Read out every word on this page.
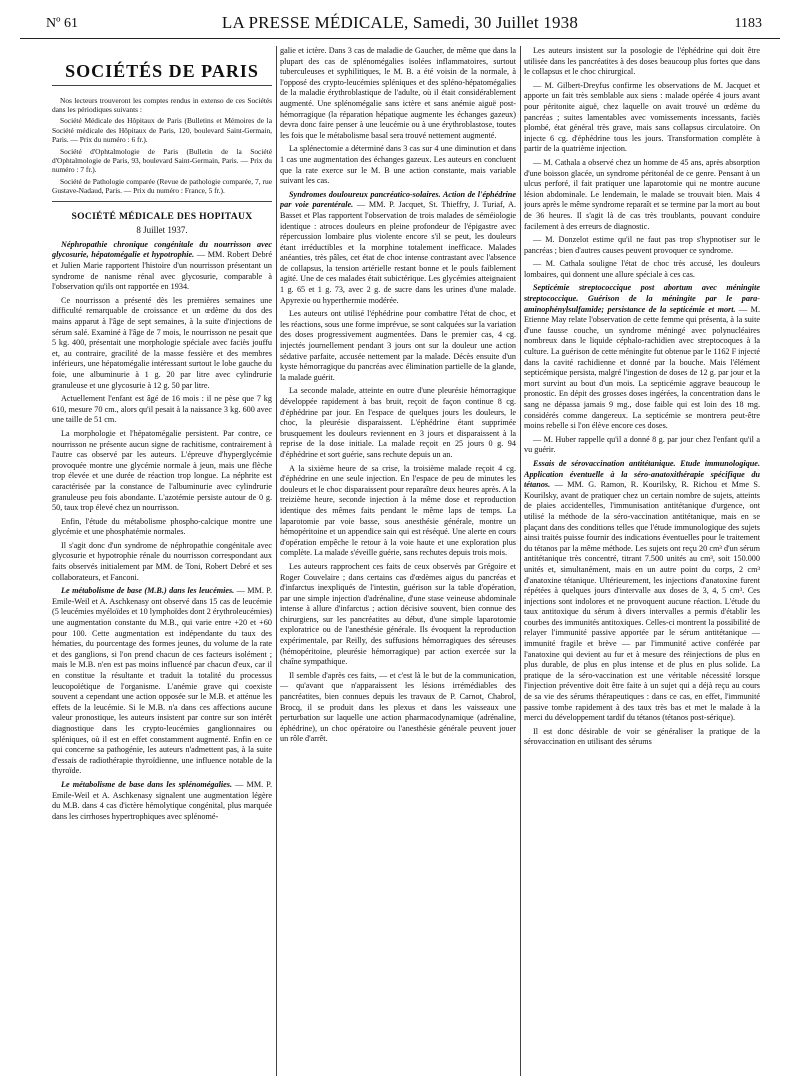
Nº 61	LA PRESSE MÉDICALE, Samedi, 30 Juillet 1938	1183
SOCIÉTÉS DE PARIS

Nos lecteurs trouveront les comptes rendus in extenso de ces Sociétés dans les périodiques suivants :

Société Médicale des Hôpitaux de Paris (Bulletins et Mémoires de la Société médicale des Hôpitaux de Paris, 120, boulevard Saint-Germain, Paris. — Prix du numéro : 6 fr.).

Société d'Ophtalmologie de Paris (Bulletin de la Société d'Ophtalmologie de Paris, 93, boulevard Saint-Germain, Paris. — Prix du numéro : 7 fr.).

Société de Pathologie comparée (Revue de pathologie comparée, 7, rue Gustave-Nadaud, Paris. — Prix du numéro : France, 5 fr.).

SOCIÉTÉ MÉDICALE DES HOPITAUX
8 Juillet 1937.

Néphropathie chronique congénitale du nourrisson avec glycosurie, hépatomégalie et hypotrophie. — MM. Robert Debré et Julien Marie rapportent l'histoire d'un nourrisson présentant un syndrome de nanisme rénal avec glycosurie, comparable à l'observation qu'ils ont rapportée en 1934.

Ce nourrisson a présenté dès les premières semaines une difficulté remarquable de croissance et un œdème du dos des mains apparut à l'âge de sept semaines, à la suite d'injections de sérum salé. Examiné à l'âge de 7 mois, le nourrisson ne pesait que 5 kg. 400, présentait une morphologie spéciale avec faciès jouffu et, au contraire, gracilité de la masse fessière et des membres inférieurs, une hépatomégalie intéressant surtout le lobe gauche du foie, une albuminurie à 1 g. 20 par litre avec cylindrurie granuleuse et une glycosurie à 12 g. 50 par litre.

Actuellement l'enfant est âgé de 16 mois : il ne pèse que 7 kg 610, mesure 70 cm., alors qu'il pesait à la naissance 3 kg. 600 avec une taille de 51 cm.

La morphologie et l'hépatomégalie persistent. Par contre, ce nourrisson ne présente aucun signe de rachitisme, contrairement à l'autre cas observé par les auteurs. L'épreuve d'hyperglycémie provoquée montre une glycémie normale à jeun, mais une flèche trop élevée et une durée de réaction trop longue. La néphrite est caractérisée par la constance de l'albuminurie avec cylindrurie granuleuse peu fois abondante. L'azotémie persiste autour de 0 g. 50, taux trop élevé chez un nourrisson.

Enfin, l'étude du métabolisme phospho-calcique montre une glycémie et une phosphatémie normales.

Il s'agit donc d'un syndrome de néphropathie congénitale avec glycosurie et hypotrophie rénale du nourrisson correspondant aux faits observés initialement par MM. de Toni, Robert Debré et ses collaborateurs, et Fanconi.

Le métabolisme de base (M.B.) dans les leucémies. — MM. P. Emile-Weil et A. Aschkenasy ont observé dans 15 cas de leucémie (5 leucémies myéloïdes et 10 lymphoïdes dont 2 érythroleucémies) une augmentation constante du M.B., qui varie entre +20 et +60 pour 100. Cette augmentation est indépendante du taux des hématies, du pourcentage des formes jeunes, du volume de la rate et des ganglions, si l'on prend chacun de ces facteurs isolément ; mais le M.B. n'en est pas moins influencé par chacun d'eux, car il en constitue la résultante et traduit la totalité du processus leucopoïétique de l'organisme. L'anémie grave qui coexiste souvent a cependant une action opposée sur le M.B. et atténue les effets de la leucémie. Si le M.B. n'a dans ces affections aucune valeur pronostique, les auteurs insistent par contre sur son intérêt diagnostique dans les crypto-leucémies ganglionnaires ou spléniques, où il est en effet constamment augmenté. Enfin en ce qui concerne sa pathogénie, les auteurs n'admettent pas, à la suite d'essais de radiothérapie thyroïdienne, une influence notable de la thyroïde.

Le métabolisme de base dans les splénomégalies. — MM. P. Emile-Weil et A. Aschkenasy signalent une augmentation légère du M.B. dans 4 cas d'ictère hémolytique congénital, plus marquée dans les cirrhoses hypertrophiques avec splénomé-

galie et ictère. Dans 3 cas de maladie de Gaucher, de même que dans la plupart des cas de splénomégalies isolées inflammatoires, surtout tuberculeuses et syphilitiques, le M. B. a été voisin de la normale, à l'opposé des crypto-leucémies spléniques et des spléno-hépatomégalies de la maladie érythroblastique de l'adulte, où il était considérablement augmenté. Une splénomégalie sans ictère et sans anémie aiguë post-hémorragique (la réparation hépatique augmente les échanges gazeux) devra donc faire penser à une leucémie ou à une érythroblastose, toutes les fois que le métabolisme basal sera trouvé nettement augmenté.

La splénectomie a déterminé dans 3 cas sur 4 une diminution et dans 1 cas une augmentation des échanges gazeux. Les auteurs en concluent que la rate exerce sur le M. B une action constante, mais variable suivant les cas.

Syndromes douloureux pancréatico-solaires. Action de l'éphédrine par voie parentérale. — MM. P. Jacquet, St. Thieffry, J. Turiaf, A. Basset et Plas rapportent l'observation de trois malades de séméiologie identique : atroces douleurs en pleine profondeur de l'épigastre avec répercussion lombaire plus violente encore s'il se peut, les douleurs étant irréductibles et la morphine totalement inefficace. Malades anéanties, très pâles, cet état de choc intense contrastant avec l'absence de collapsus, la tension artérielle restant bonne et le pouls faiblement agité. Une de ces malades était subictérique. Les glycémies atteignaient 1 g. 65 et 1 g. 73, avec 2 g. de sucre dans les urines d'une malade. Apyrexie ou hyperthermie modérée.

Les auteurs ont utilisé l'éphédrine pour combattre l'état de choc, et les réactions, sous une forme imprévue, se sont calquées sur la variation des doses progressivement augmentées. Dans le premier cas, 4 cg. injectés journellement pendant 3 jours ont sur la douleur une action sédative parfaite, accusée nettement par la malade. Décès ensuite d'un kyste hémorragique du pancréas avec élimination partielle de la glande, la malade guérit.

La seconde malade, atteinte en outre d'une pleurésie hémorragique développée rapidement à bas bruit, reçoit de façon continue 8 cg. d'éphédrine par jour. En l'espace de quelques jours les douleurs, le choc, la pleurésie disparaissent. L'éphédrine étant supprimée brusquement les douleurs reviennent en 3 jours et disparaissent à la reprise de la dose initiale. La malade reçoit en 25 jours 0 g. 94 d'éphédrine et sort guérie, sans rechute depuis un an.

A la sixième heure de sa crise, la troisième malade reçoit 4 cg. d'éphédrine en une seule injection. En l'espace de peu de minutes les douleurs et le choc disparaissent pour reparaître deux heures après. A la treizième heure, seconde injection à la même dose et reproduction identique des mêmes faits pendant le même laps de temps. La laparotomie par voie basse, sous anesthésie générale, montre un hémopéritoine et un appendice sain qui est réséqué. Une alerte en cours d'opération empêche le retour à la voie haute et une exploration plus complète. La malade s'éveille guérie, sans rechutes depuis trois mois.

Les auteurs rapprochent ces faits de ceux observés par Grégoire et Roger Couvelaire ; dans certains cas d'œdèmes aigus du pancréas et d'infarctus inexpliqués de l'intestin, guérison sur la table d'opération, par une simple injection d'adrénaline, d'une stase veineuse abdominale intense à allure d'infarctus ; action décisive souvent, bien connue des chirurgiens, sur les pancréatites au début, d'une simple laparotomie exploratrice ou de l'anesthésie générale. Ils évoquent la reproduction expérimentale, par Reilly, des suffusions hémorragiques des séreuses (hémopéritoine, pleurésie hémorragique) par action exercée sur la chaîne sympathique.

Il semble d'après ces faits, — et c'est là le but de la communication, — qu'avant que n'apparaissent les lésions irrémédiables des pancréatites, bien connues depuis les travaux de P. Carnot, Chabrol, Brocq, il se produit dans les plexus et dans les vaisseaux une perturbation sur laquelle une action pharmacodynamique (adrénaline, éphédrine), un choc opératoire ou l'anesthésie générale peuvent jouer un rôle d'arrêt.

Les auteurs insistent sur la posologie de l'éphédrine qui doit être utilisée dans les pancréatites à des doses beaucoup plus fortes que dans le collapsus et le choc chirurgical.

— M. Gilbert-Dreyfus confirme les observations de M. Jacquet et apporte un fait très semblable aux siens : malade opérée 4 jours avant pour péritonite aiguë, chez laquelle on avait trouvé un œdème du pancréas ; suites lamentables avec vomissements incessants, faciès plombé, état général très grave, mais sans collapsus circulatoire. On injecte 6 cg. d'éphédrine tous les jours. Transformation complète à partir de la quatrième injection.

— M. Cathala a observé chez un homme de 45 ans, après absorption d'une boisson glacée, un syndrome péritonéal de ce genre. Pensant à un ulcus perforé, il fait pratiquer une laparotomie qui ne montre aucune lésion abdominale. Le lendemain, le malade se trouvait bien. Mais 4 jours après le même syndrome reparaît et se termine par la mort au bout de 36 heures. Il s'agit là de cas très troublants, pouvant conduire facilement à des erreurs de diagnostic.

— M. Donzelot estime qu'il ne faut pas trop s'hypnotiser sur le pancréas ; bien d'autres causes peuvent provoquer ce syndrome.

— M. Cathala souligne l'état de choc très accusé, les douleurs lombaires, qui donnent une allure spéciale à ces cas.

Septicémie streptococcique post abortum avec méningite streptococcique. Guérison de la méningite par le para-aminophénylsulfamide; persistance de la septicémie et mort. — M. Etienne May relate l'observation de cette femme qui présenta, à la suite d'une fausse couche, un syndrome méningé avec polynucléaires nombreux dans le liquide céphalo-rachidien avec streptocoques à la culture. La guérison de cette méningite fut obtenue par le 1162 F injecté dans la cavité rachidienne et donné par la bouche. Mais l'élément septicémique persista, malgré l'ingestion de doses de 12 g. par jour et la mort survint au bout d'un mois. La septicémie aggrave beaucoup le pronostic. En dépit des grosses doses ingérées, la concentration dans le sang ne dépassa jamais 9 mg., dose faible qui est loin des 18 mg. considérés comme dangereux. La septicémie se montrera peut-être moins rebelle si l'on élève encore ces doses.

— M. Huber rappelle qu'il a donné 8 g. par jour chez l'enfant qu'il a vu guérir.

Essais de sérovaccination antitétanique. Etude immunologique. Application éventuelle à la séro-anatoxithérapie spécifique du tétanos. — MM. G. Ramon, R. Kourilsky, R. Richou et Mme S. Kourilsky, avant de pratiquer chez un certain nombre de sujets, atteints de plaies accidentelles, l'immunisation antitétanique d'urgence, ont utilisé la méthode de la séro-vaccination antitétanique, mais en se plaçant dans des conditions telles que l'étude immunologique des sujets ainsi traités puisse fournir des indications éventuelles pour le traitement du tétanos par la même méthode. Les sujets ont reçu 20 cm³ d'un sérum antitétanique très concentré, titrant 7.500 unités au cm³, soit 150.000 unités et, simultanément, mais en un autre point du corps, 2 cm³ d'anatoxine tétanique. Ultérieurement, les injections d'anatoxine furent répétées à quelques jours d'intervalle aux doses de 3, 4, 5 cm³. Ces injections sont indolores et ne provoquent aucune réaction. L'étude du taux antitoxique du sérum à divers intervalles a permis d'établir les courbes des immunités antitoxiques. Celles-ci montrent la possibilité de relayer l'immunité passive apportée par le sérum antitétanique — immunité fragile et brève — par l'immunité active conférée par l'anatoxine qui devient au fur et à mesure des réinjections de plus en plus durable, de plus en plus intense et de plus en plus solide. La pratique de la séro-vaccination est une véritable nécessité lorsque l'injection préventive doit être faite à un sujet qui a déjà reçu au cours de sa vie des sérums thérapeutiques : dans ce cas, en effet, l'immunité passive tombe rapidement à des taux très bas et met le malade à la merci du développement tardif du tétanos (tétanos post-sérique).

Il est donc désirable de voir se généraliser la pratique de la sérovaccination en utilisant des sérums
